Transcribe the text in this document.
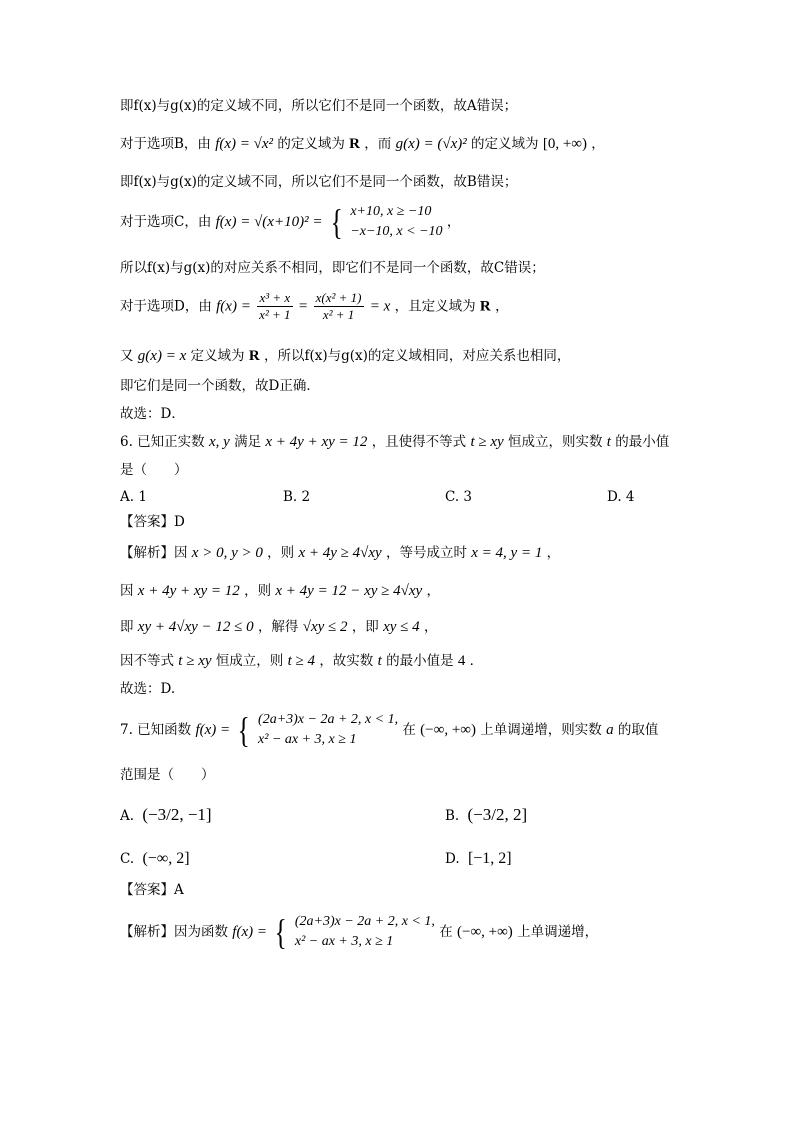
即f(x)与g(x)的定义域不同，所以它们不是同一个函数，故A错误；
对于选项B，由 f(x) = √x² 的定义域为 R ，而 g(x) = (√x)² 的定义域为 [0, +∞) ，
即f(x)与g(x)的定义域不同，所以它们不是同一个函数，故B错误；
对于选项C，由 f(x) = √(x+10)² = { x+10, x ≥ −10
−x−10, x < −10
，
所以f(x)与g(x)的对应关系不相同，即它们不是同一个函数，故C错误；
对于选项D，由 $f(x) = \frac{\text{x³ + x}}{\text{x² + 1}} = \frac{\text{x(x² + 1)}}{\text{x² + 1}} = x$ ，且定义域为 R ，
又 g(x) = x 定义域为 R ，所以f(x)与g(x)的定义域相同，对应关系也相同，
即它们是同一个函数，故D正确．
故选：D．
6. 已知正实数 x, y 满足 x + 4y + xy = 12 ，且使得不等式 t ≥ xy 恒成立，则实数 t 的最小值
是（　　）
A. 1	B. 2	C. 3	D. 4
【答案】D
【解析】因 x > 0, y > 0 ，则 x + 4y ≥ 4√xy ，等号成立时 x = 4, y = 1 ，
因 x + 4y + xy = 12 ，则 x + 4y = 12 − xy ≥ 4√xy ，
即 xy + 4√xy − 12 ≤ 0 ，解得 √xy ≤ 2 ，即 xy ≤ 4 ，
因不等式 t ≥ xy 恒成立，则 t ≥ 4 ，故实数 t 的最小值是 4 ．
故选：D.
7. 已知函数 f(x) = { (2a+3)x − 2a + 2, x < 1,
x² − ax + 3, x ≥ 1
在 (−∞, +∞) 上单调递增，则实数 a 的取值
范围是（　　）
A. (−3/2, −1]	B. (−3/2, 2]
C. (−∞, 2]	D. [−1, 2]
【答案】A
【解析】因为函数 f(x) = { (2a+3)x − 2a + 2, x < 1,
x² − ax + 3, x ≥ 1
在 (−∞, +∞) 上单调递增，
